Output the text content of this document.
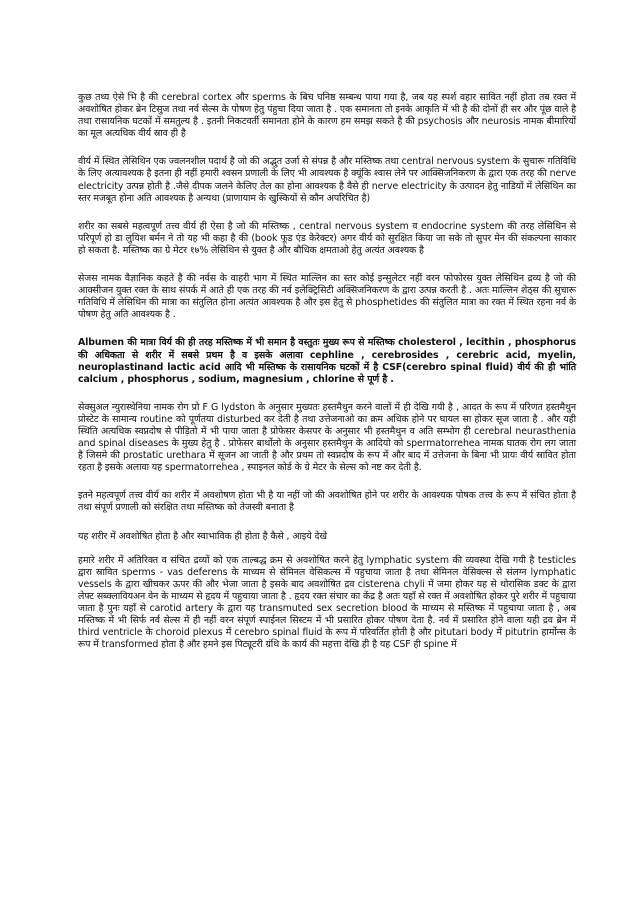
कुछ तथ्य ऐसे भि है की cerebral cortex और sperms के बिच घनिष्ठ सम्बन्ध पाया गया है, जब यह स्पर्श वहार सावित नहीं होता तब रक्त में अवशोषित होकर ब्रेन टिसुज तथा नर्व सेल्स के पोषण हेतु पंहुचा दिया जाता है . एक समानता तो इनके आकृति में भी है की दोनों ही सर और पूंछ वाले है तथा रासायनिक घटकों में समतुल्य है . इतनी निकटवर्ती समानता होने के कारण हम समझ सकते है की psychosis और neurosis नामक बीमारियों का मूल अत्यधिक वीर्य स्राव ही है

वीर्य में स्थित लेसिथिन एक ज्वलनशील पदार्थ है जो की अद्भुत उर्जा से संपन्न है और मस्तिष्क तथा central nervous system के सुचारू गतिविधि के लिए अत्यावश्यक है इतना ही नहीं हमारी श्वसन प्रणाली के लिए भी आवश्यक है क्यूंकि श्वास लेने पर आक्सिजनिकरण के द्वारा एक तरह की nerve electricity उत्पन्न होती है .जैसे दीपक जलने केलिए तेल का होना आवश्यक है वैसे ही nerve electricity के उत्पादन हेतु नाडियों में लेसिथिन का स्तर मजबूत होना अति आवश्यक है अन्यथा (प्राणायाम के खुस्कियों से कौन अपरिचित है)

शरीर का सबसे महत्वपूर्ण तत्त्व वीर्य ही ऐसा है जो की मस्तिष्क , central nervous system व endocrine system की तरह लेसिथिन से परिपूर्ण हो डा लुयिश बर्मन ने तो यह भी कहा है की (book फूड एंड केरेक्टर) अगर वीर्य को सुरक्षित किया जा सके तो सुपर मेन की संकल्पना साकार हो सकता है. मस्तिष्क का ग्रे मेटर १७% लेसिथिन से युक्त है और बौधिक क्षमताओ हेतु अत्यंत अवश्यक है

सेजस नामक वैज्ञानिक कहते है की नर्वस के वाहरी भाग में स्थित माल्लिन का स्तर कोई इन्सुलेटर नहीं वरन फोफोरस युक्त लेसिथिन द्रव्य है जो की आक्सीजन युक्त रक्त के साथ संपर्क में आते ही एक तरह की नर्व इलेक्ट्रिसिटी अक्सिजनिकरण के द्वारा उत्पन्न करती है . अतः माल्लिन शेठ्स की सुचारू गतिविधि में लेसिथिन की मात्रा का संतुलित होना अत्यंत आवश्यक है और इस हेतु से phosphetides की संतुलित मात्रा का रक्त में स्थित रहना नर्व के पोषण हेतु अति आवश्यक है .

Albumen की मात्रा विर्य की ही तरह मस्तिष्क में भी समान है वस्तुतः मुख्य रूप से मस्तिष्क cholesterol , lecithin , phosphorus की अधिकता से शरीर में सबसे प्रथम है व इसके अलावा cephline , cerebrosides , cerebric acid, myelin, neuroplastinand lactic acid आदि भी मस्तिष्क के रासायनिक घटकों में है CSF(cerebro spinal fluid) वीर्य की ही भांति calcium , phosphorus , sodium, magnesium , chlorine से पूर्ण है .

सेक्सुअल न्युरास्थेनिया नामक रोग प्रो F G lydston के अनुसार मुख्यतः हस्तमैथुन करने वालों में ही देखि गयी है , आदत के रूप में परिणत हस्तमैथुन प्रोस्टेट के सामान्य routine को पूर्णतया disturbed कर देती है तथा उत्तेजनाओ का क्रम अधिक होने पर घायल सा होकर सूज जाता है . और यही स्थिति अत्यधिक स्वप्नदोष से पीड़ितो में भी पाया जाता है प्रोफेसर केसपर के अनुसार भी हस्तमैथुन व अति सम्भोग ही cerebral neurasthenia and spinal diseases के मुख्य हेतु है . प्रोफेसर बार्थोलो के अनुसार हस्तमैथुन के आदियो को spermatorrehea नामक घातक रोग लग जाता है जिसमे की prostatic urethara में सूजन आ जाती है और प्रथम तो स्वप्नदोष के रूप में और बाद में उत्तेजना के बिना भी प्रायः वीर्य स्रावित होता रहता है इसके अलावा यह spermatorrehea , स्पाइनल कोर्ड के ग्रे मेटर के सेल्स को नष्ट कर देती है.

इतने महत्वपूर्ण तत्त्व वीर्य का शरीर में अवशोषण होता भी है या नहीं जो की अवशोषित होने पर शरीर के आवश्यक पोषक तत्त्व के रूप में संचित होता है तथा संपूर्ण प्रणाली को संरक्षित तथा मस्तिष्क को तेजस्वी बनाता है

यह शरीर में अवशोषित होता है और स्वाभाविक ही होता है कैसे , आइये देखे

हमारे शरीर में अतिरिक्त व संचित द्रव्यों को एक ताल्बद्ध क्रम से अवशोषित करने हेतु lymphatic system की व्यवस्था देखि गयी है testicles द्वारा स्रावित sperms - vas deferens के माध्यम से सेमिनल वेसिकल्स में पहुचाया जाता है तथा सेमिनल वेसिक्ल्स से संलग्न lymphatic vessels के द्वारा खीचकर ऊपर की और भेजा जाता है इसके बाद अवशोषित द्रव cisterena chyli में जमा होकर यह से थोरासिक डक्ट के द्वारा लेफ्ट सब्क्लावियअन वेन के माध्यम से हृदय में पहुचाया जाता है . हृदय रक्त संचार का केंद्र है अतः यहाँ से रक्त में अवशोषित होकर पुरे शरीर में पहुचाया जाता है पुनः यहाँ से carotid artery के द्वारा यह transmuted sex secretion blood के माध्यम से मस्तिष्क में पहुचाया जाता है , अब मस्तिष्क में भी सिर्फ नर्व सेल्स में ही नहीं वरन संपूर्ण स्पाईनल सिस्टम में भी प्रसारित होकर पोषण देता है. नर्व में प्रसारित होने वाला यही द्रव ब्रेन में third ventricle के choroid plexus में cerebro spinal fluid के रूप में परिवर्तित होती है और pitutari body में pitutrin हार्मोन्स के रूप में transformed होता है और हमने इस पिट्यूटरी ग्रंथि के कार्य की महत्ता देखि ही है यह CSF ही spine में
